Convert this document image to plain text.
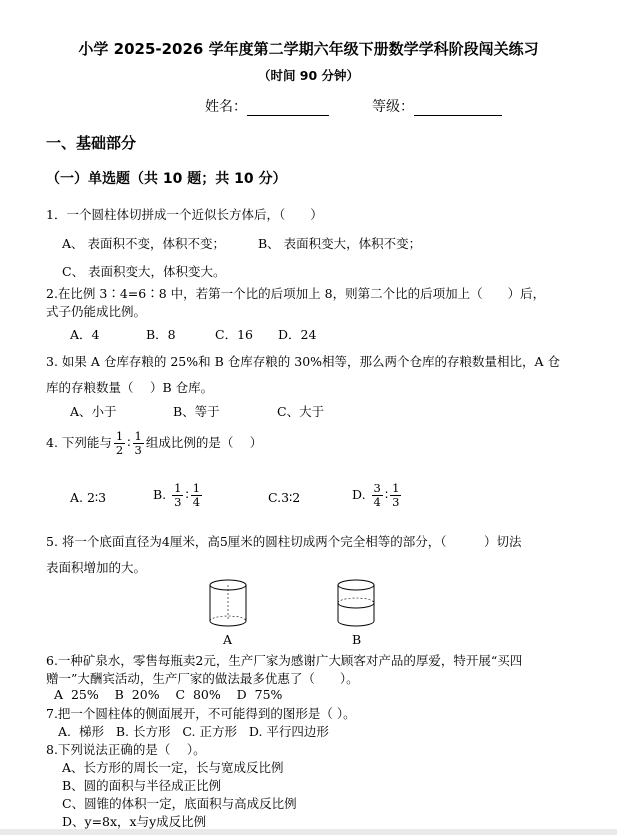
小学 2025-2026 学年度第二学期六年级下册数学学科阶段闯关练习
（时间 90 分钟）
姓名：	等级：
一、基础部分
（一）单选题（共 10 题；共 10 分）
1．一个圆柱体切拼成一个近似长方体后，（　　）
A、 表面积不变，体积不变；	B、 表面积变大，体积不变；
C、 表面积变大，体积变大。
2.在比例 3∶4=6∶8 中，若第一个比的后项加上 8，则第二个比的后项加上（　　）后，
式子仍能成比例。
A．4	B．8	C．16 D．24
3. 如果 A 仓库存粮的 25%和 B 仓库存粮的 30%相等，那么两个仓库的存粮数量相比，A 仓
库的存粮数量（　 ）B 仓库。
A、小于	B、等于	C、大于
4. 下列能与 $\frac{1}{2}$ ∶ $\frac{1}{3}$ 组成比例的是（　 ）
A. 2∶3	B. $\frac{1}{3}$ ∶ $\frac{1}{4}$	C.3∶2	D. $\frac{3}{4}$ ∶ $\frac{1}{3}$
5. 将一个底面直径为4厘米，高5厘米的圆柱切成两个完全相等的部分，（　　　）切法
表面积增加的大。
A	B
6.一种矿泉水，零售每瓶卖2元，生产厂家为感谢广大顾客对产品的厚爱，特开展“买四
赠一”大酬宾活动，生产厂家的做法最多优惠了（　　）。
A  25%    B  20%    C  80%    D  75%
7.把一个圆柱体的侧面展开，不可能得到的图形是（ ）。
A.  梯形   B. 长方形   C. 正方形   D. 平行四边形
8.下列说法正确的是（　 ）。
A、长方形的周长一定，长与宽成反比例
B、圆的面积与半径成正比例
C、圆锥的体积一定，底面积与高成反比例
D、y=8x，x与y成反比例
